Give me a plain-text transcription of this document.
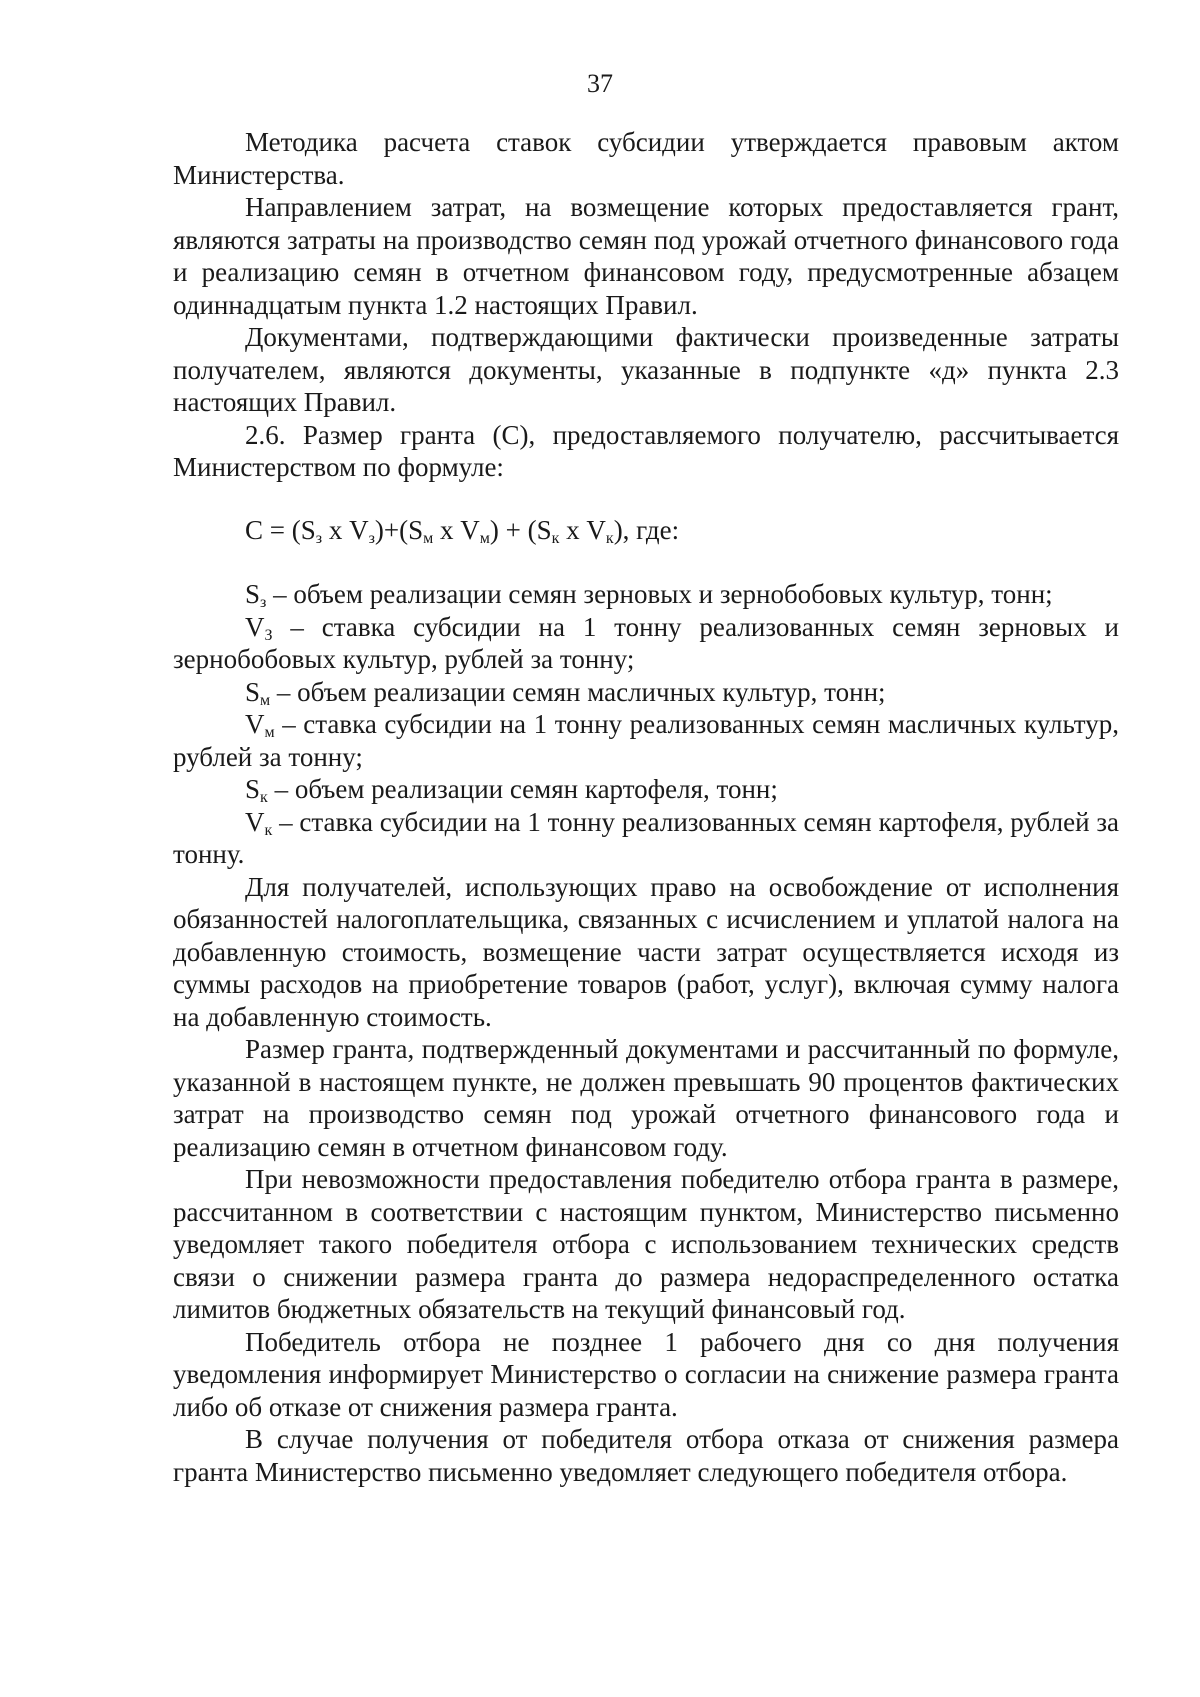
37

Методика расчета ставок субсидии утверждается правовым актом Министерства.

Направлением затрат, на возмещение которых предоставляется грант, являются затраты на производство семян под урожай отчетного финансового года и реализацию семян в отчетном финансовом году, предусмотренные абзацем одиннадцатым пункта 1.2 настоящих Правил.

Документами, подтверждающими фактически произведенные затраты получателем, являются документы, указанные в подпункте «д» пункта 2.3 настоящих Правил.

2.6. Размер гранта (С), предоставляемого получателю, рассчитывается Министерством по формуле:

$С = (S_з$ х $V_з)+(S_м$ х $V_м) + (S_к$ х $V_к$), где:

$S_з$ – объем реализации семян зерновых и зернобобовых культур, тонн;

$V_З$ – ставка субсидии на 1 тонну реализованных семян зерновых и зернобобовых культур, рублей за тонну;

$S_м$ – объем реализации семян масличных культур, тонн;

$V_м$ – ставка субсидии на 1 тонну реализованных семян масличных культур, рублей за тонну;

$S_к$ – объем реализации семян картофеля, тонн;

$V_к$ – ставка субсидии на 1 тонну реализованных семян картофеля, рублей за тонну.

Для получателей, использующих право на освобождение от исполнения обязанностей налогоплательщика, связанных с исчислением и уплатой налога на добавленную стоимость, возмещение части затрат осуществляется исходя из суммы расходов на приобретение товаров (работ, услуг), включая сумму налога на добавленную стоимость.

Размер гранта, подтвержденный документами и рассчитанный по формуле, указанной в настоящем пункте, не должен превышать 90 процентов фактических затрат на производство семян под урожай отчетного финансового года и реализацию семян в отчетном финансовом году.

При невозможности предоставления победителю отбора гранта в размере, рассчитанном в соответствии с настоящим пунктом, Министерство письменно уведомляет такого победителя отбора с использованием технических средств связи о снижении размера гранта до размера недораспределенного остатка лимитов бюджетных обязательств на текущий финансовый год.

Победитель отбора не позднее 1 рабочего дня со дня получения уведомления информирует Министерство о согласии на снижение размера гранта либо об отказе от снижения размера гранта.

В случае получения от победителя отбора отказа от снижения размера гранта Министерство письменно уведомляет следующего победителя отбора.
